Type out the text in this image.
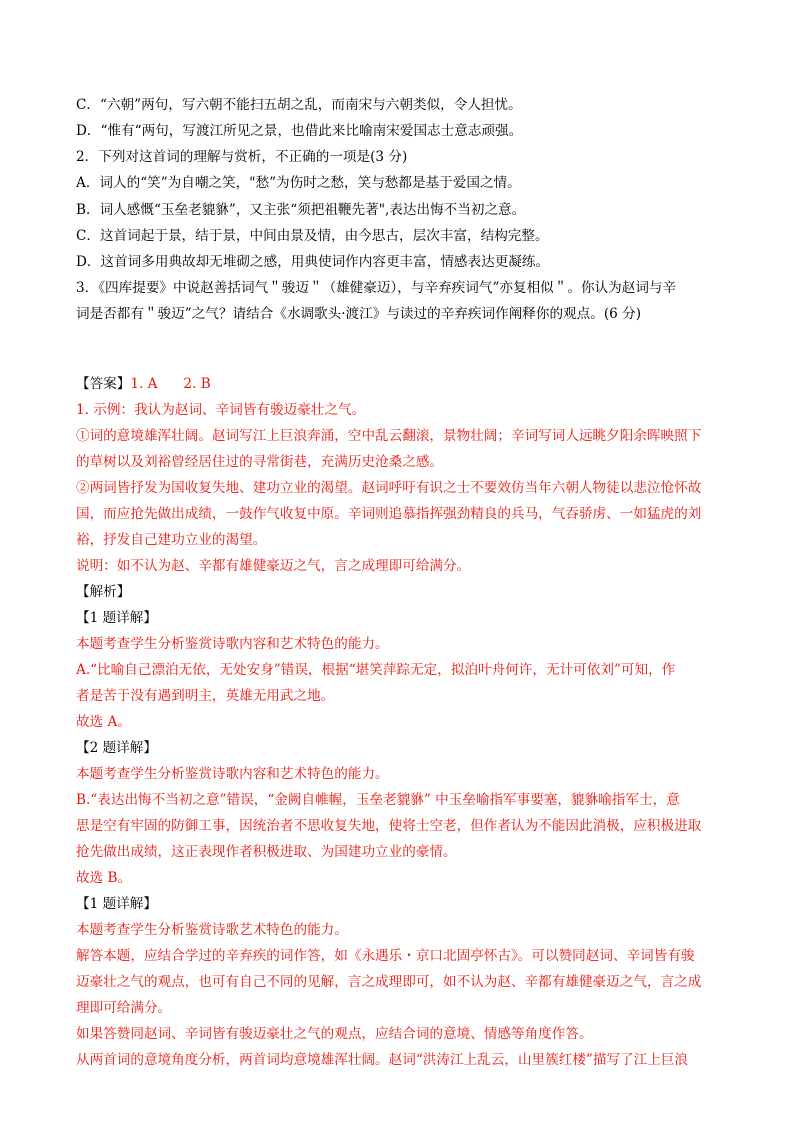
C．“六朝”两句，写六朝不能扫五胡之乱，而南宋与六朝类似，令人担忧。
D．“惟有“两句，写渡江所见之景，也借此来比喻南宋爱国志士意志顽强。
2．下列对这首词的理解与赏析，不正确的一项是(3 分)
A．词人的“笑”为自嘲之笑，"愁”为伤时之愁，笑与愁都是基于爱国之情。
B．词人感慨“玉垒老貔貅”，又主张“须把祖鞭先著",表达出悔不当初之意。
C．这首词起于景，结于景，中间由景及情，由今思古，层次丰富，结构完整。
D．这首词多用典故却无堆砌之感，用典使词作内容更丰富，情感表达更凝练。
3．《四库提要》中说赵善括词气＂骏迈＂（雄健豪迈），与辛弃疾词气”亦复相似＂。你认为赵词与辛
词是否都有＂骏迈”之气？请结合《水调歌头·渡江》与读过的辛弃疾词作阐释你的观点。(6 分)
【答案】1. A      2. B
1. 示例：我认为赵词、辛词皆有骏迈豪壮之气。
①词的意境雄浑壮阔。赵词写江上巨浪奔涌，空中乱云翻滚，景物壮阔；辛词写词人远眺夕阳余晖映照下
的草树以及刘裕曾经居住过的寻常街巷，充满历史沧桑之感。
②两词皆抒发为国收复失地、建功立业的渴望。赵词呼吁有识之士不要效仿当年六朝人物徒以悲泣怆怀故
国，而应抢先做出成绩，一鼓作气收复中原。辛词则追慕指挥强劲精良的兵马，气吞骄虏、一如猛虎的刘
裕，抒发自己建功立业的渴望。
说明：如不认为赵、辛都有雄健豪迈之气，言之成理即可给满分。
【解析】
【1 题详解】
本题考查学生分析鉴赏诗歌内容和艺术特色的能力。
A.“比喻自己漂泊无依，无处安身”错误，根据“堪笑萍踪无定，拟泊叶舟何许，无计可依刘”可知，作
者是苦于没有遇到明主，英雄无用武之地。
故选 A。
【2 题详解】
本题考查学生分析鉴赏诗歌内容和艺术特色的能力。
B.“表达出悔不当初之意”错误，“金阙自帷幄，玉垒老貔貅” 中玉垒喻指军事要塞，貔貅喻指军士，意
思是空有牢固的防御工事，因统治者不思收复失地，使将士空老，但作者认为不能因此消极，应积极进取
抢先做出成绩，这正表现作者积极进取、为国建功立业的豪情。
故选 B。
【1 题详解】
本题考查学生分析鉴赏诗歌艺术特色的能力。
解答本题，应结合学过的辛弃疾的词作答，如《永遇乐・京口北固亭怀古》。可以赞同赵词、辛词皆有骏
迈豪壮之气的观点，也可有自己不同的见解，言之成理即可，如不认为赵、辛都有雄健豪迈之气，言之成
理即可给满分。
如果答赞同赵词、辛词皆有骏迈豪壮之气的观点，应结合词的意境、情感等角度作答。
从两首词的意境角度分析，两首词均意境雄浑壮阔。赵词“洪涛江上乱云，山里簇红楼”描写了江上巨浪
